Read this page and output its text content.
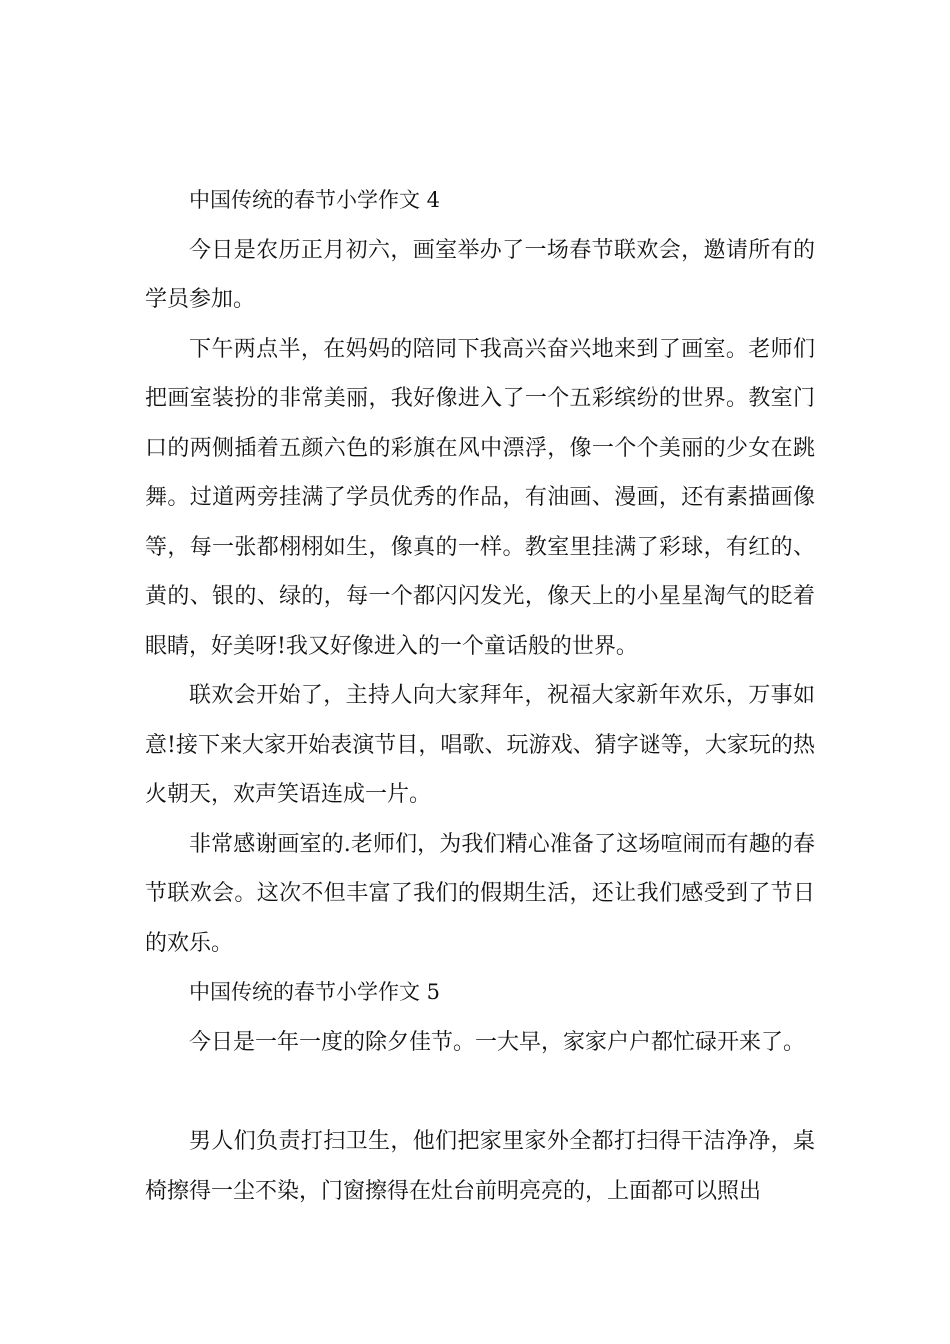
中国传统的春节小学作文 4

今日是农历正月初六，画室举办了一场春节联欢会，邀请所有的学员参加。

下午两点半，在妈妈的陪同下我高兴奋兴地来到了画室。老师们把画室装扮的非常美丽，我好像进入了一个五彩缤纷的世界。教室门口的两侧插着五颜六色的彩旗在风中漂浮，像一个个美丽的少女在跳舞。过道两旁挂满了学员优秀的作品，有油画、漫画，还有素描画像等，每一张都栩栩如生，像真的一样。教室里挂满了彩球，有红的、黄的、银的、绿的，每一个都闪闪发光，像天上的小星星淘气的眨着眼睛，好美呀!我又好像进入的一个童话般的世界。

联欢会开始了，主持人向大家拜年，祝福大家新年欢乐，万事如意!接下来大家开始表演节目，唱歌、玩游戏、猜字谜等，大家玩的热火朝天，欢声笑语连成一片。

非常感谢画室的.老师们，为我们精心准备了这场喧闹而有趣的春节联欢会。这次不但丰富了我们的假期生活，还让我们感受到了节日的欢乐。

中国传统的春节小学作文 5

今日是一年一度的除夕佳节。一大早，家家户户都忙碌开来了。

男人们负责打扫卫生，他们把家里家外全都打扫得干洁净净，桌椅擦得一尘不染，门窗擦得在灶台前明亮亮的，上面都可以照出
